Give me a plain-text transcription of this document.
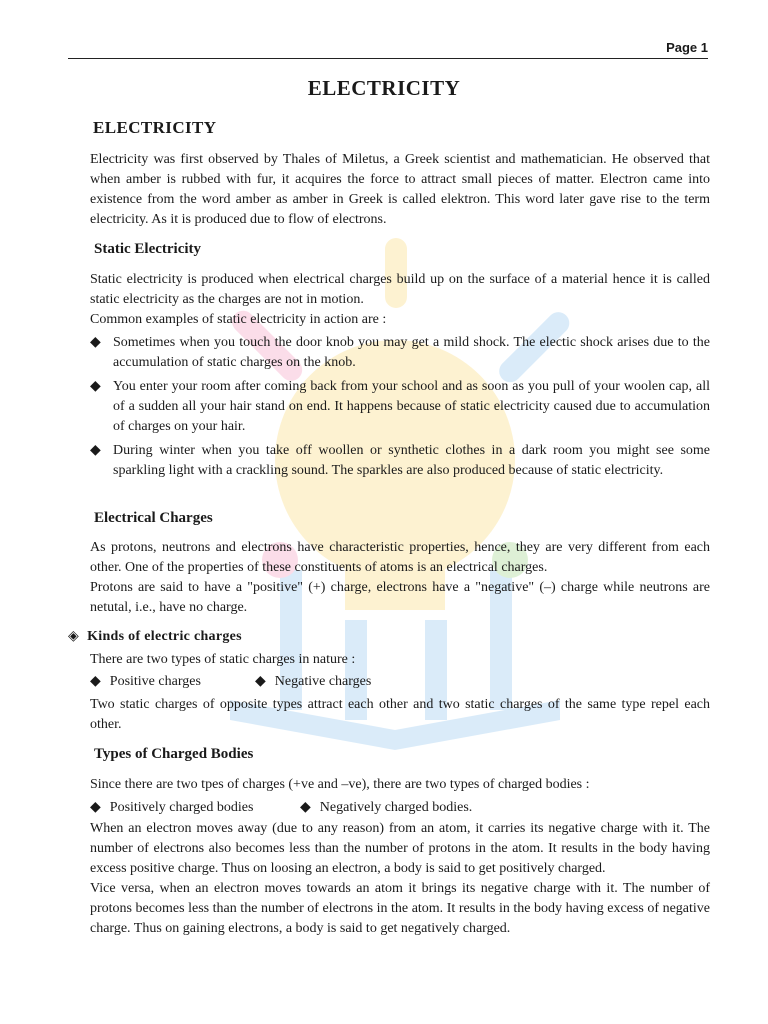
Page 1
ELECTRICITY
ELECTRICITY

Electricity was first observed by Thales of Miletus, a Greek scientist and mathematician. He observed that when amber is rubbed with fur, it acquires the force to attract small pieces of matter. Electron came into existence from the word amber as amber in Greek is called elektron. This word later gave rise to the term electricity. As it is produced due to flow of electrons.

Static Electricity

Static electricity is produced when electrical charges build up on the surface of a material hence it is called static electricity as the charges are not in motion.

Common examples of static electricity in action are :

◆ Sometimes when you touch the door knob you may get a mild shock. The electic shock arises due to the accumulation of static charges on the knob.
◆ You enter your room after coming back from your school and as soon as you pull of your woolen cap, all of a sudden all your hair stand on end. It happens because of static electricity caused due to accumulation of charges on your hair.
◆ During winter when you take off woollen or synthetic clothes in a dark room you might see some sparkling light with a crackling sound. The sparkles are also produced because of static electricity.
Electrical Charges

As protons, neutrons and electrons have characteristic properties, hence, they are very different from each other. One of the properties of these constituents of atoms is an electrical charges.

Protons are said to have a "positive" (+) charge, electrons have a "negative" (–) charge while neutrons are netutal, i.e., have no charge.

◈ Kinds of electric charges

There are two types of static charges in nature :

◆ Positive charges	◆ Negative charges

Two static charges of opposite types attract each other and two static charges of the same type repel each other.

Types of Charged Bodies

Since there are two tpes of charges (+ve and –ve), there are two types of charged bodies :

◆ Positively charged bodies	◆ Negatively charged bodies.

When an electron moves away (due to any reason) from an atom, it carries its negative charge with it. The number of electrons also becomes less than the number of protons in the atom. It results in the body having excess positive charge. Thus on loosing an electron, a body is said to get positively charged.

Vice versa, when an electron moves towards an atom it brings its negative charge with it. The number of protons becomes less than the number of electrons in the atom. It results in the body having excess of negative charge. Thus on gaining electrons, a body is said to get negatively charged.
